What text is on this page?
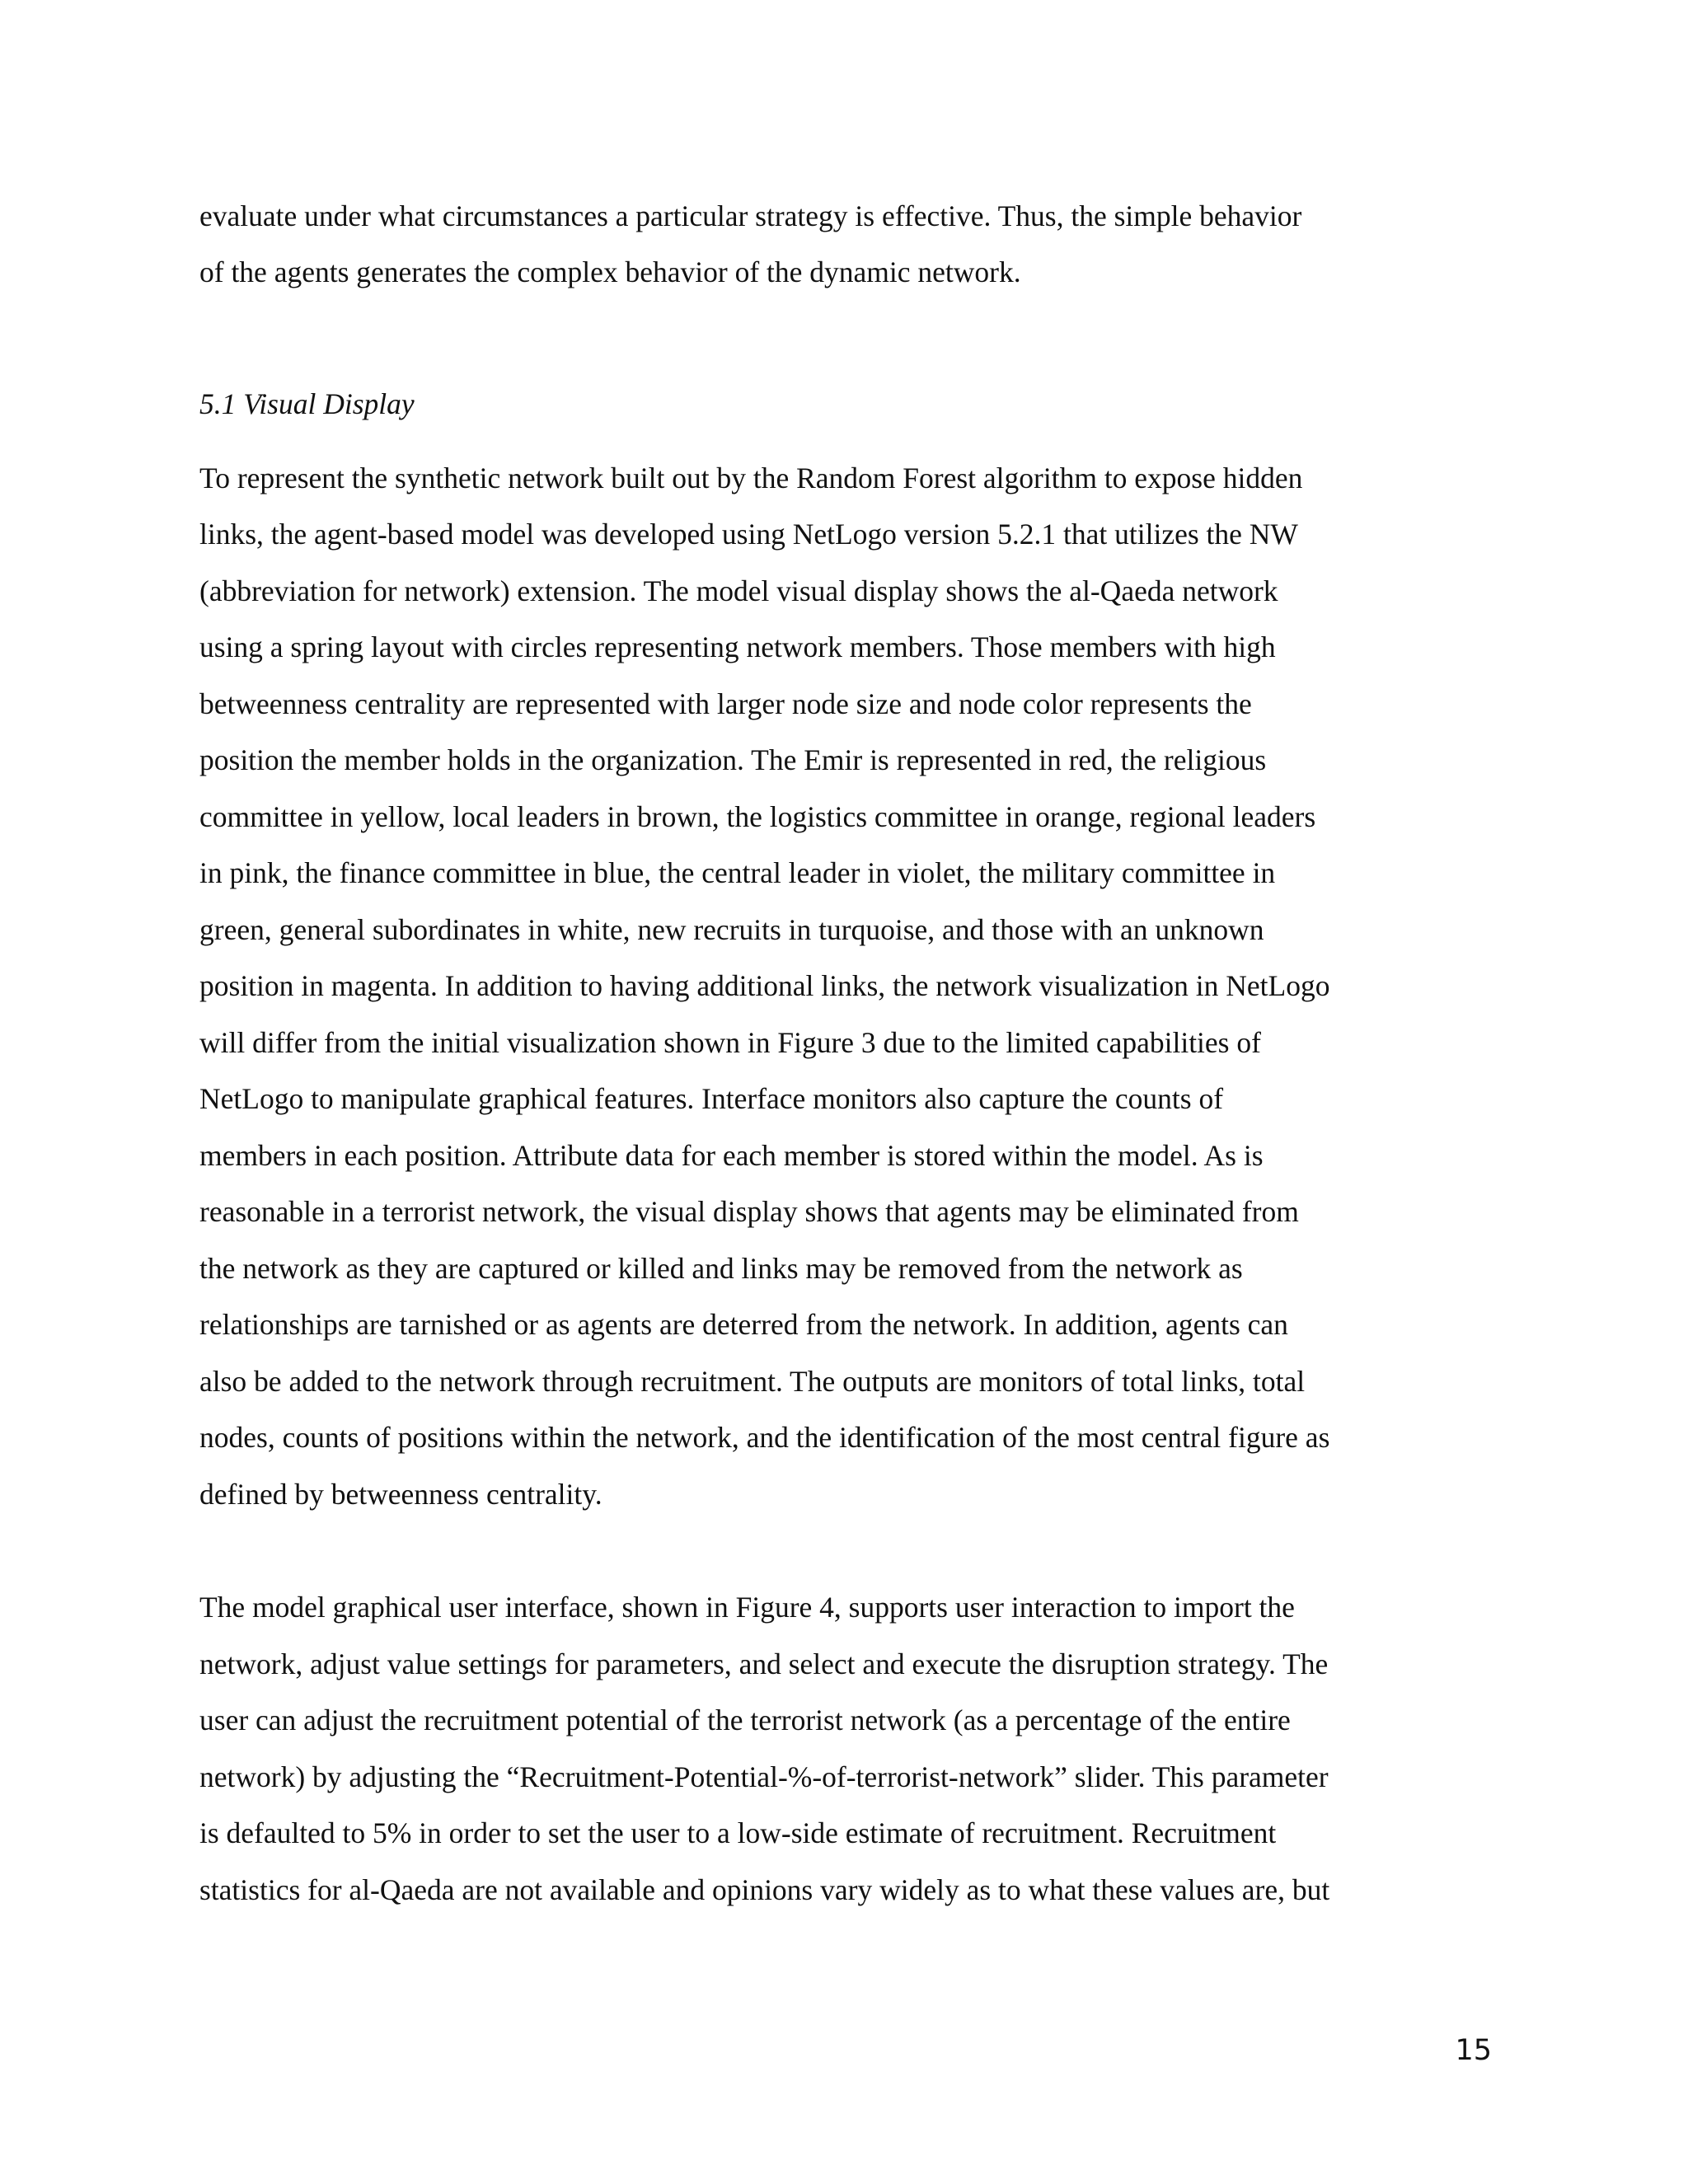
evaluate under what circumstances a particular strategy is effective. Thus, the simple behavior
of the agents generates the complex behavior of the dynamic network.
5.1 Visual Display
To represent the synthetic network built out by the Random Forest algorithm to expose hidden
links, the agent-based model was developed using NetLogo version 5.2.1 that utilizes the NW
(abbreviation for network) extension. The model visual display shows the al-Qaeda network
using a spring layout with circles representing network members. Those members with high
betweenness centrality are represented with larger node size and node color represents the
position the member holds in the organization. The Emir is represented in red, the religious
committee in yellow, local leaders in brown, the logistics committee in orange, regional leaders
in pink, the finance committee in blue, the central leader in violet, the military committee in
green, general subordinates in white, new recruits in turquoise, and those with an unknown
position in magenta. In addition to having additional links, the network visualization in NetLogo
will differ from the initial visualization shown in Figure 3 due to the limited capabilities of
NetLogo to manipulate graphical features. Interface monitors also capture the counts of
members in each position. Attribute data for each member is stored within the model. As is
reasonable in a terrorist network, the visual display shows that agents may be eliminated from
the network as they are captured or killed and links may be removed from the network as
relationships are tarnished or as agents are deterred from the network. In addition, agents can
also be added to the network through recruitment. The outputs are monitors of total links, total
nodes, counts of positions within the network, and the identification of the most central figure as
defined by betweenness centrality.
The model graphical user interface, shown in Figure 4, supports user interaction to import the
network, adjust value settings for parameters, and select and execute the disruption strategy. The
user can adjust the recruitment potential of the terrorist network (as a percentage of the entire
network) by adjusting the “Recruitment-Potential-%-of-terrorist-network” slider. This parameter
is defaulted to 5% in order to set the user to a low-side estimate of recruitment. Recruitment
statistics for al-Qaeda are not available and opinions vary widely as to what these values are, but
15
